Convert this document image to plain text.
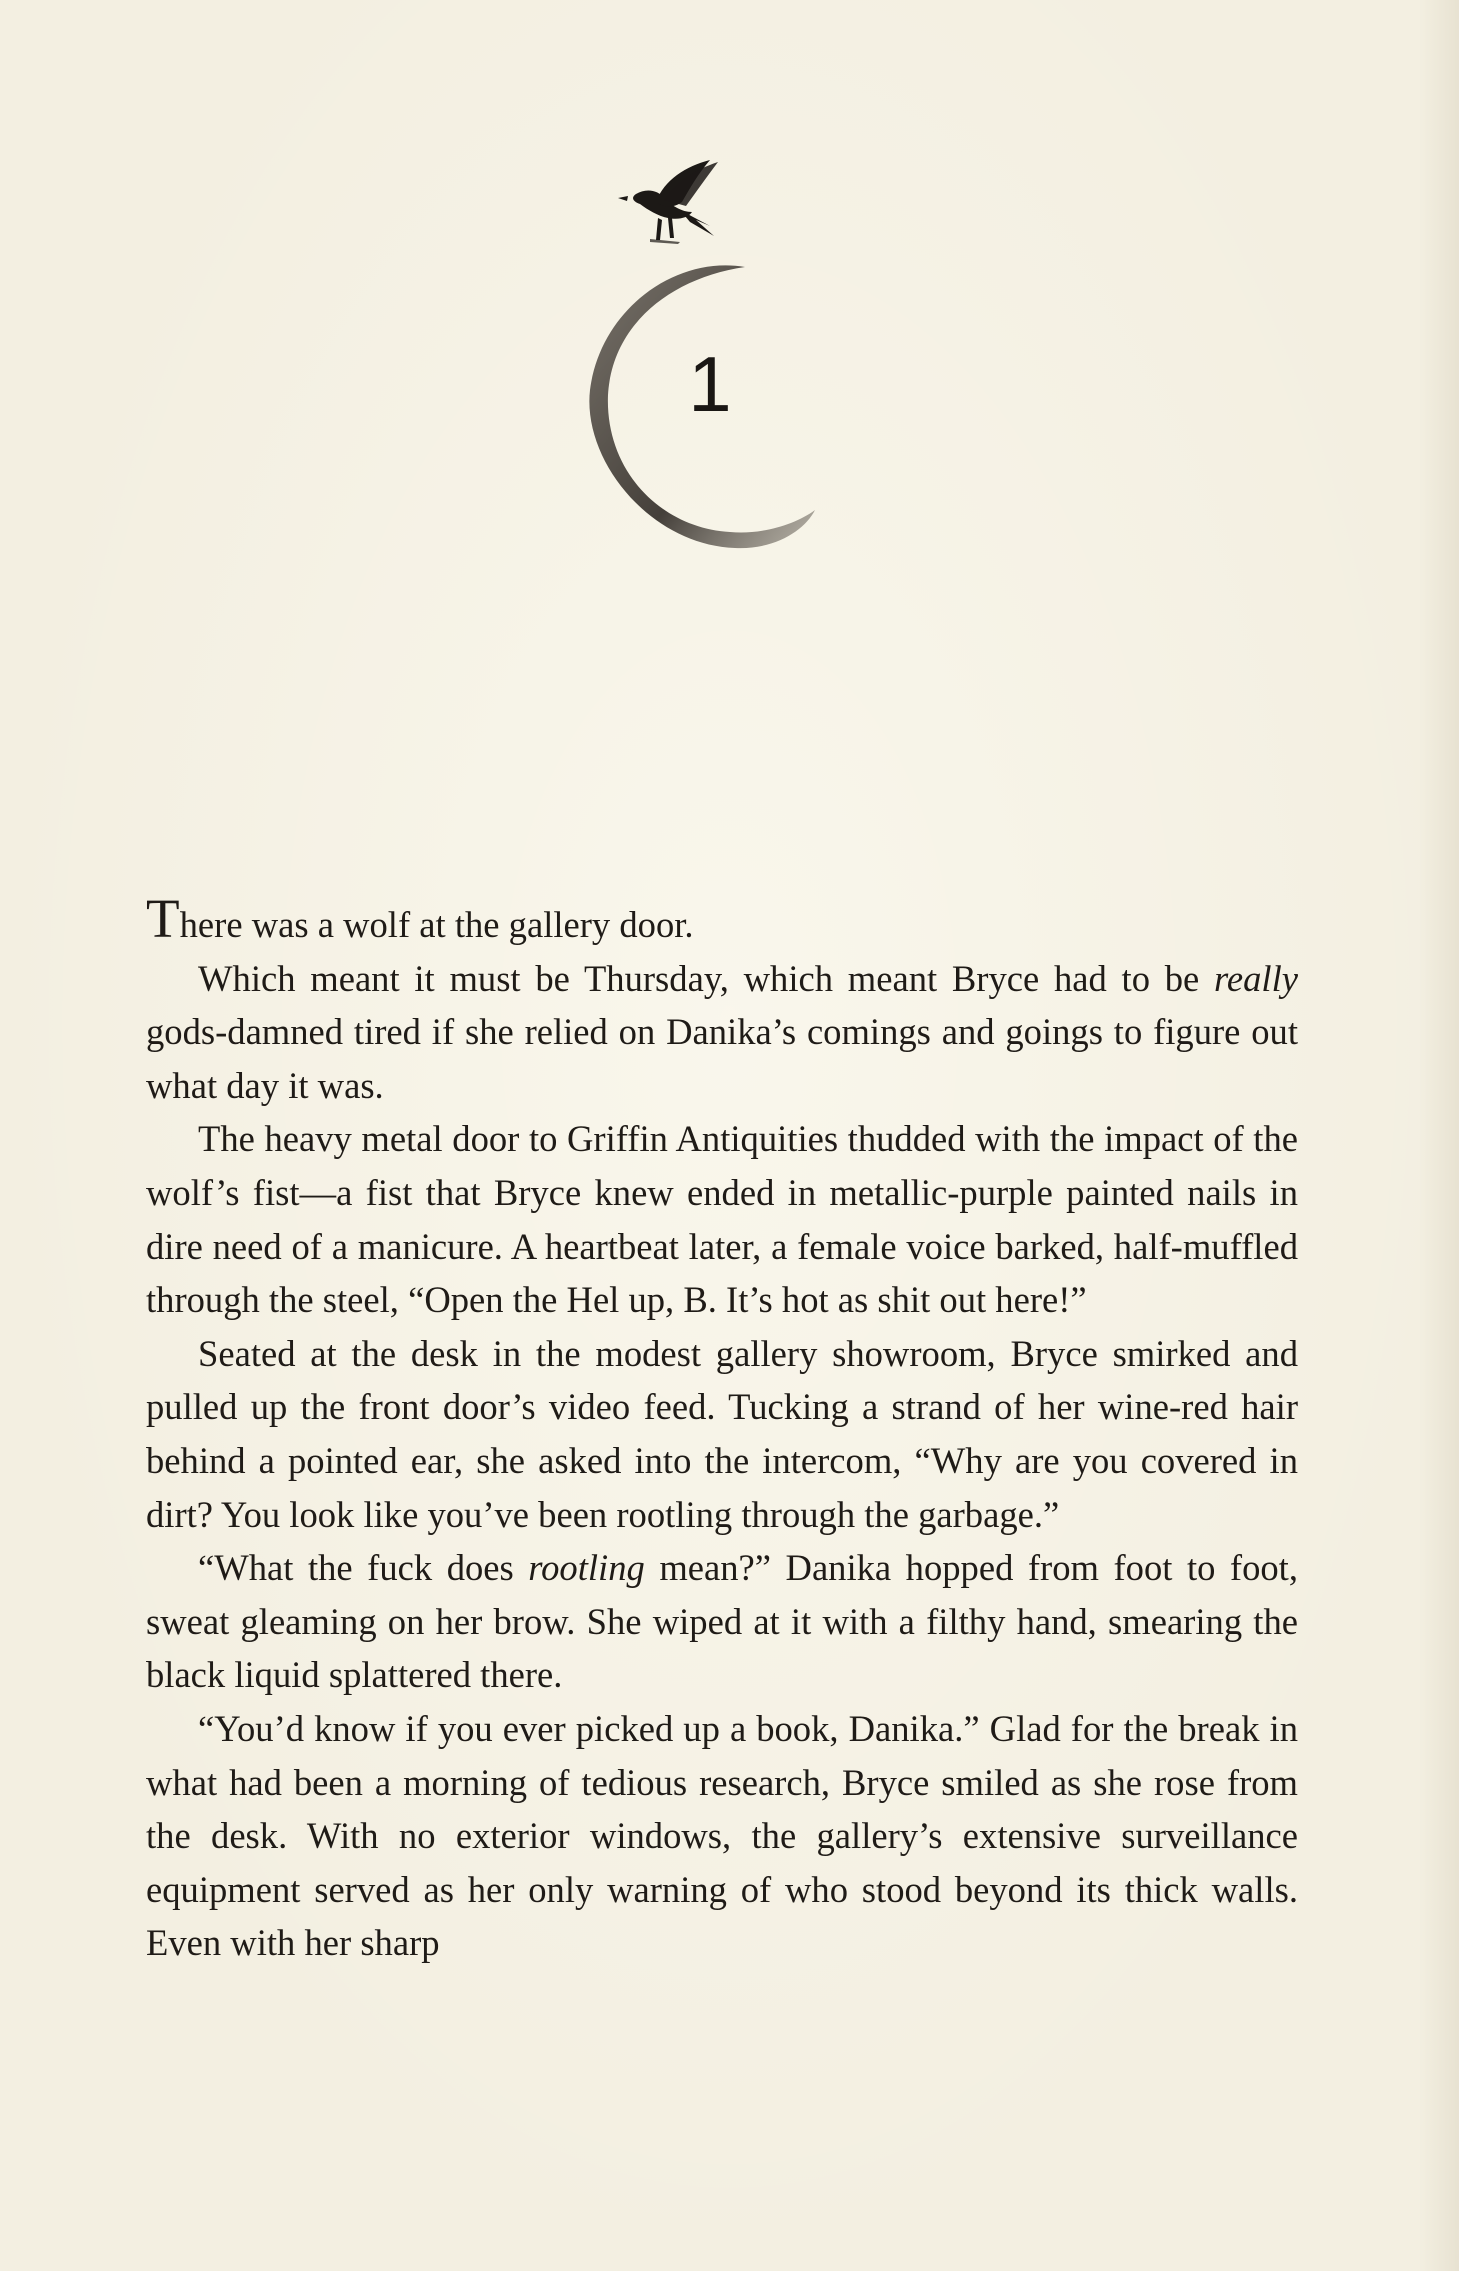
1

There was a wolf at the gallery door.

Which meant it must be Thursday, which meant Bryce had to be really gods-damned tired if she relied on Danika’s comings and goings to figure out what day it was.

The heavy metal door to Griffin Antiquities thudded with the impact of the wolf’s fist—a fist that Bryce knew ended in metallic-purple painted nails in dire need of a manicure. A heartbeat later, a female voice barked, half-muffled through the steel, “Open the Hel up, B. It’s hot as shit out here!”

Seated at the desk in the modest gallery showroom, Bryce smirked and pulled up the front door’s video feed. Tucking a strand of her wine-red hair behind a pointed ear, she asked into the intercom, “Why are you covered in dirt? You look like you’ve been rootling through the garbage.”

“What the fuck does rootling mean?” Danika hopped from foot to foot, sweat gleaming on her brow. She wiped at it with a filthy hand, smearing the black liquid splattered there.

“You’d know if you ever picked up a book, Danika.” Glad for the break in what had been a morning of tedious research, Bryce smiled as she rose from the desk. With no exterior windows, the gallery’s extensive surveillance equipment served as her only warning of who stood beyond its thick walls. Even with her sharp
